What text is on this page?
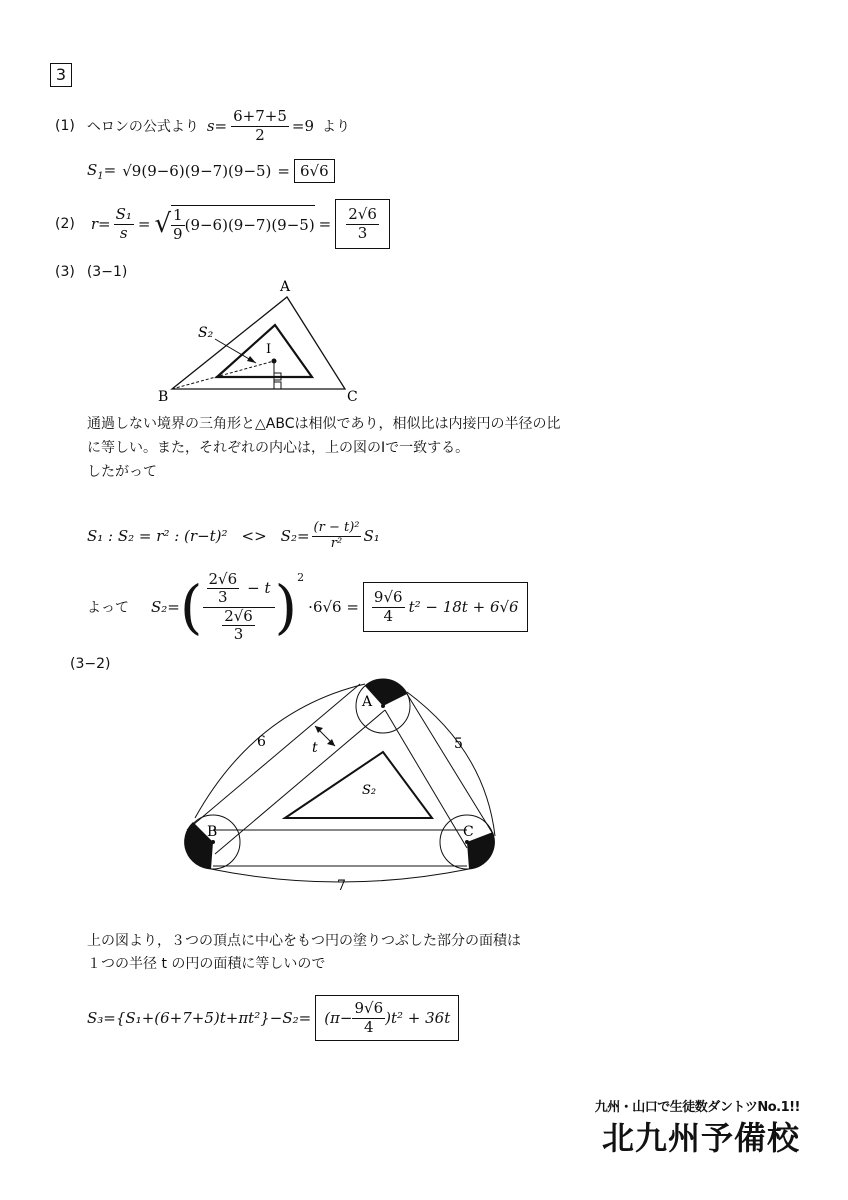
3
(1) ヘロンの公式より $s= \frac{6+7+5}{2} =9$ より
$S_1= √9(9-6)(9-7)(9-5) = 6√6$
(2) $r= \frac{\text{S₁}}{s}$ = √ $\frac{1}{9} (9-6)(9-7)(9-5) = \frac{2√6}{3}$
(3) (3−1)
A
B	C
I
S₂
通過しない境界の三角形と△ABCは相似であり，相似比は内接円の半径の比
に等しい。また，それぞれの内心は，上の図のIで一致する。
したがって
S₁ : S₂ = r² : $(r-t)^2 <> S_2= \frac{\text{(r − t)²}}{\text{r²}} S_1$
よって S₂= ( $\frac{\frac{2√6}{3} - t}{\frac{2√6}{3}} )^2$
$\cdot 6√6 = \frac{9√6}{4} t^2 - 18t + 6√6$
(3−2)
A
B	C
t
S₂
6	5
7
上の図より，３つの頂点に中心をもつ円の塗りつぶした部分の面積は
１つの半径 t の円の面積に等しいので
$S_3=\{S_1+(6+7+5)t+\pi t^2\}-S_2= (\pi- \frac{9√6}{4} )t^2 + 36t$
九州・山口で生徒数ダントツNo.1!!
北九州予備校
